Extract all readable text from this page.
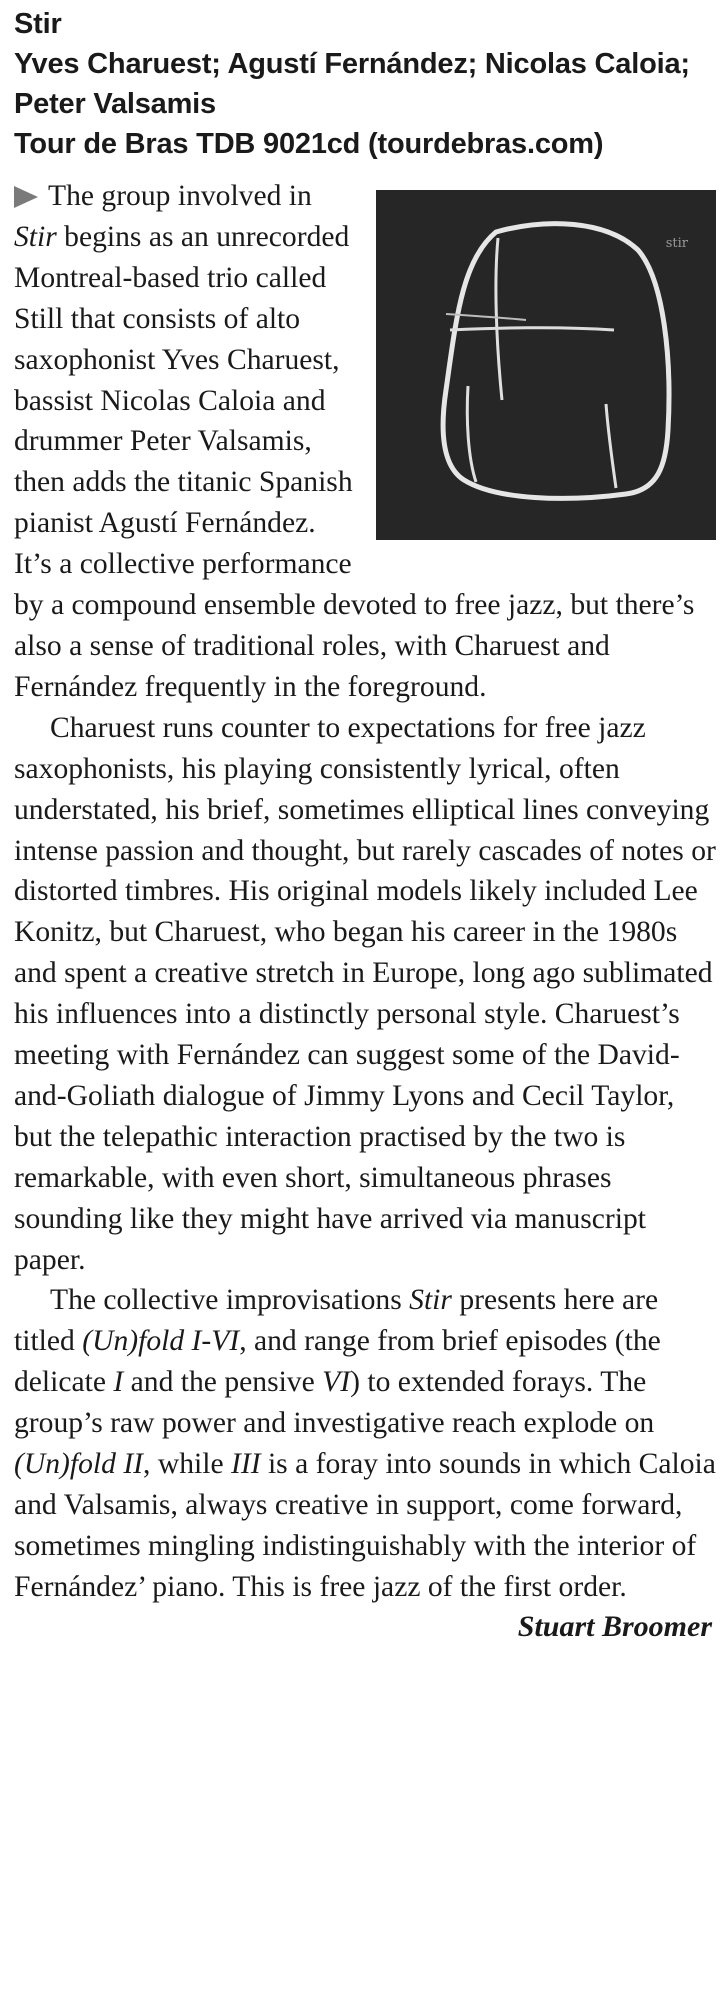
Stir
Yves Charuest; Agustí Fernández; Nicolas Caloia; Peter Valsamis
Tour de Bras TDB 9021cd (tourdebras.com)

stir
The group involved in Stir begins as an unrecorded Montreal-based trio called Still that consists of alto saxophonist Yves Charuest, bassist Nicolas Caloia and drummer Peter Valsamis, then adds the titanic Spanish pianist Agustí Fernández. It’s a collective performance by a compound ensemble devoted to free jazz, but there’s also a sense of traditional roles, with Charuest and Fernández frequently in the foreground.

Charuest runs counter to expectations for free jazz saxophonists, his playing consistently lyrical, often understated, his brief, sometimes elliptical lines conveying intense passion and thought, but rarely cascades of notes or distorted timbres. His original models likely included Lee Konitz, but Charuest, who began his career in the 1980s and spent a creative stretch in Europe, long ago sublimated his influences into a distinctly personal style. Charuest’s meeting with Fernández can suggest some of the David-and-Goliath dialogue of Jimmy Lyons and Cecil Taylor, but the telepathic interaction practised by the two is remarkable, with even short, simultaneous phrases sounding like they might have arrived via manuscript paper.

The collective improvisations Stir presents here are titled (Un)fold I-VI, and range from brief episodes (the delicate I and the pensive VI) to extended forays. The group’s raw power and investigative reach explode on (Un)fold II, while III is a foray into sounds in which Caloia and Valsamis, always creative in support, come forward, sometimes mingling indistinguishably with the interior of Fernández’ piano. This is free jazz of the first order.

Stuart Broomer
